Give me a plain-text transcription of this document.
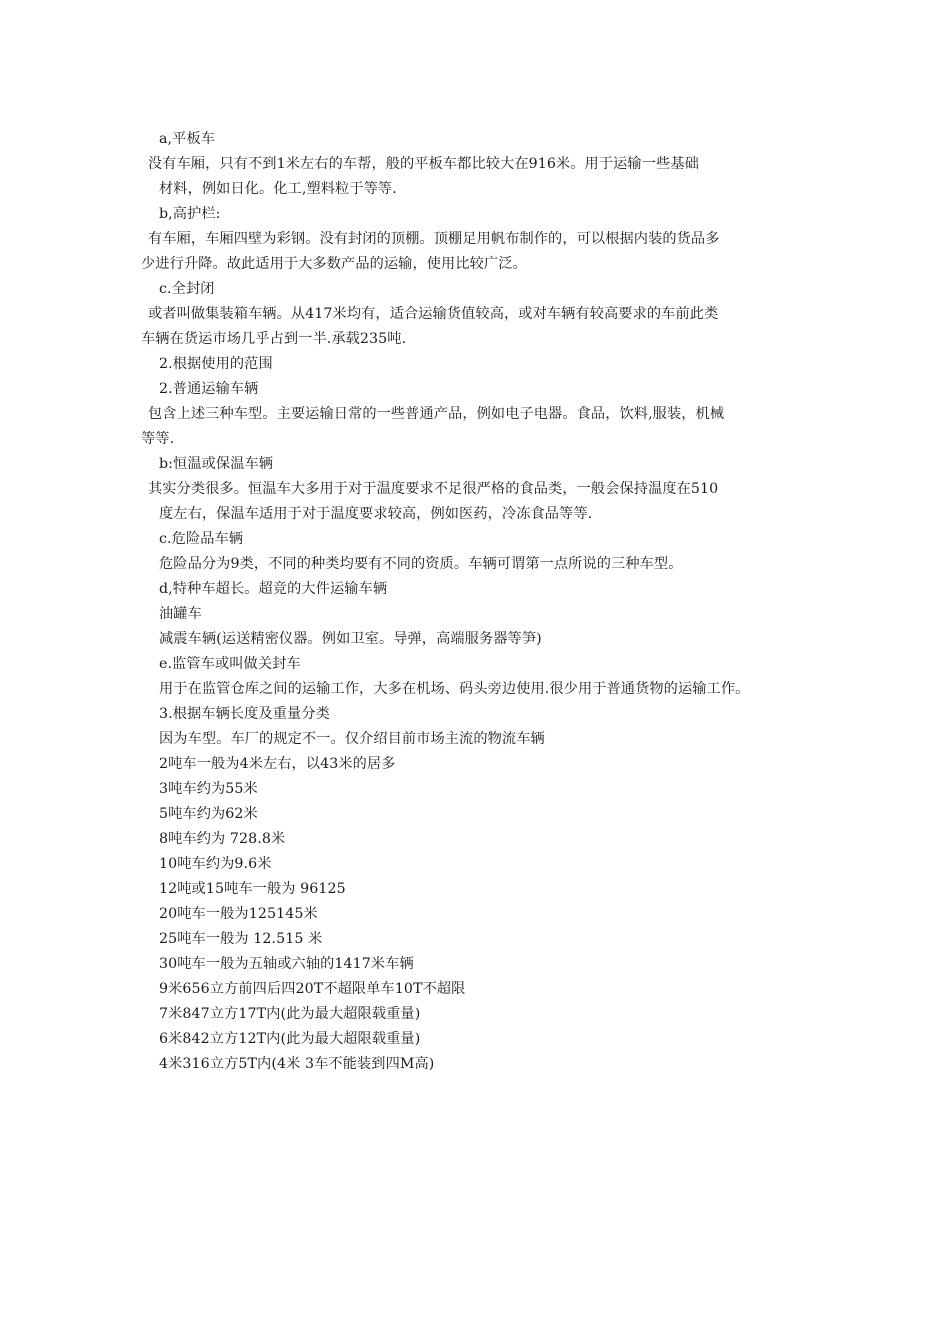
a,平板车
没有车厢，只有不到1米左右的车帮，般的平板车都比较大在916米。用于运输一些基础
材料，例如日化。化工,塑料粒于等等.
b,高护栏:
有车厢，车厢四壁为彩钢。没有封闭的顶棚。顶棚足用帆布制作的，可以根据内装的货品多
少进行升降。故此适用于大多数产品的运输，使用比较广泛。
c.全封闭
或者叫做集装箱车辆。从417米均有，适合运输货值较高，或对车辆有较高要求的车前此类
车辆在货运市场几乎占到一半.承载235吨.
2.根据使用的范围
2.普通运输车辆
包含上述三种车型。主要运输日常的一些普通产品，例如电子电器。食品，饮料,服装，机械
等等.
b:恒温或保温车辆
其实分类很多。恒温车大多用于对于温度要求不足很严格的食品类，一般会保持温度在510
度左右，保温车适用于对于温度要求较高，例如医药，冷冻食品等等.
c.危险品车辆
危险品分为9类，不同的种类均要有不同的资质。车辆可谓第一点所说的三种车型。
d,特种车超长。超竞的大件运输车辆
油罐车
减震车辆(运送精密仪器。例如卫室。导弹，高端服务器等笋)
e.监管车或叫做关封车
用于在监管仓库之间的运输工作，大多在机场、码头旁边使用.很少用于普通货物的运输工作。
3.根据车辆长度及重量分类
因为车型。车厂的规定不一。仅介绍目前市场主流的物流车辆
2吨车一般为4米左右，以43米的居多
3吨车约为55米
5吨车约为62米
8吨车约为 728.8米
10吨车约为9.6米
12吨或15吨车一般为 96125
20吨车一般为125145米
25吨车一般为 12.515 米
30吨车一般为五轴或六轴的1417米车辆
9米656立方前四后四20T不超限单车10T不超限
7米847立方17T内(此为最大超限载重量)
6米842立方12T内(此为最大超限载重量)
4米316立方5T内(4米 3车不能装到四M高)
